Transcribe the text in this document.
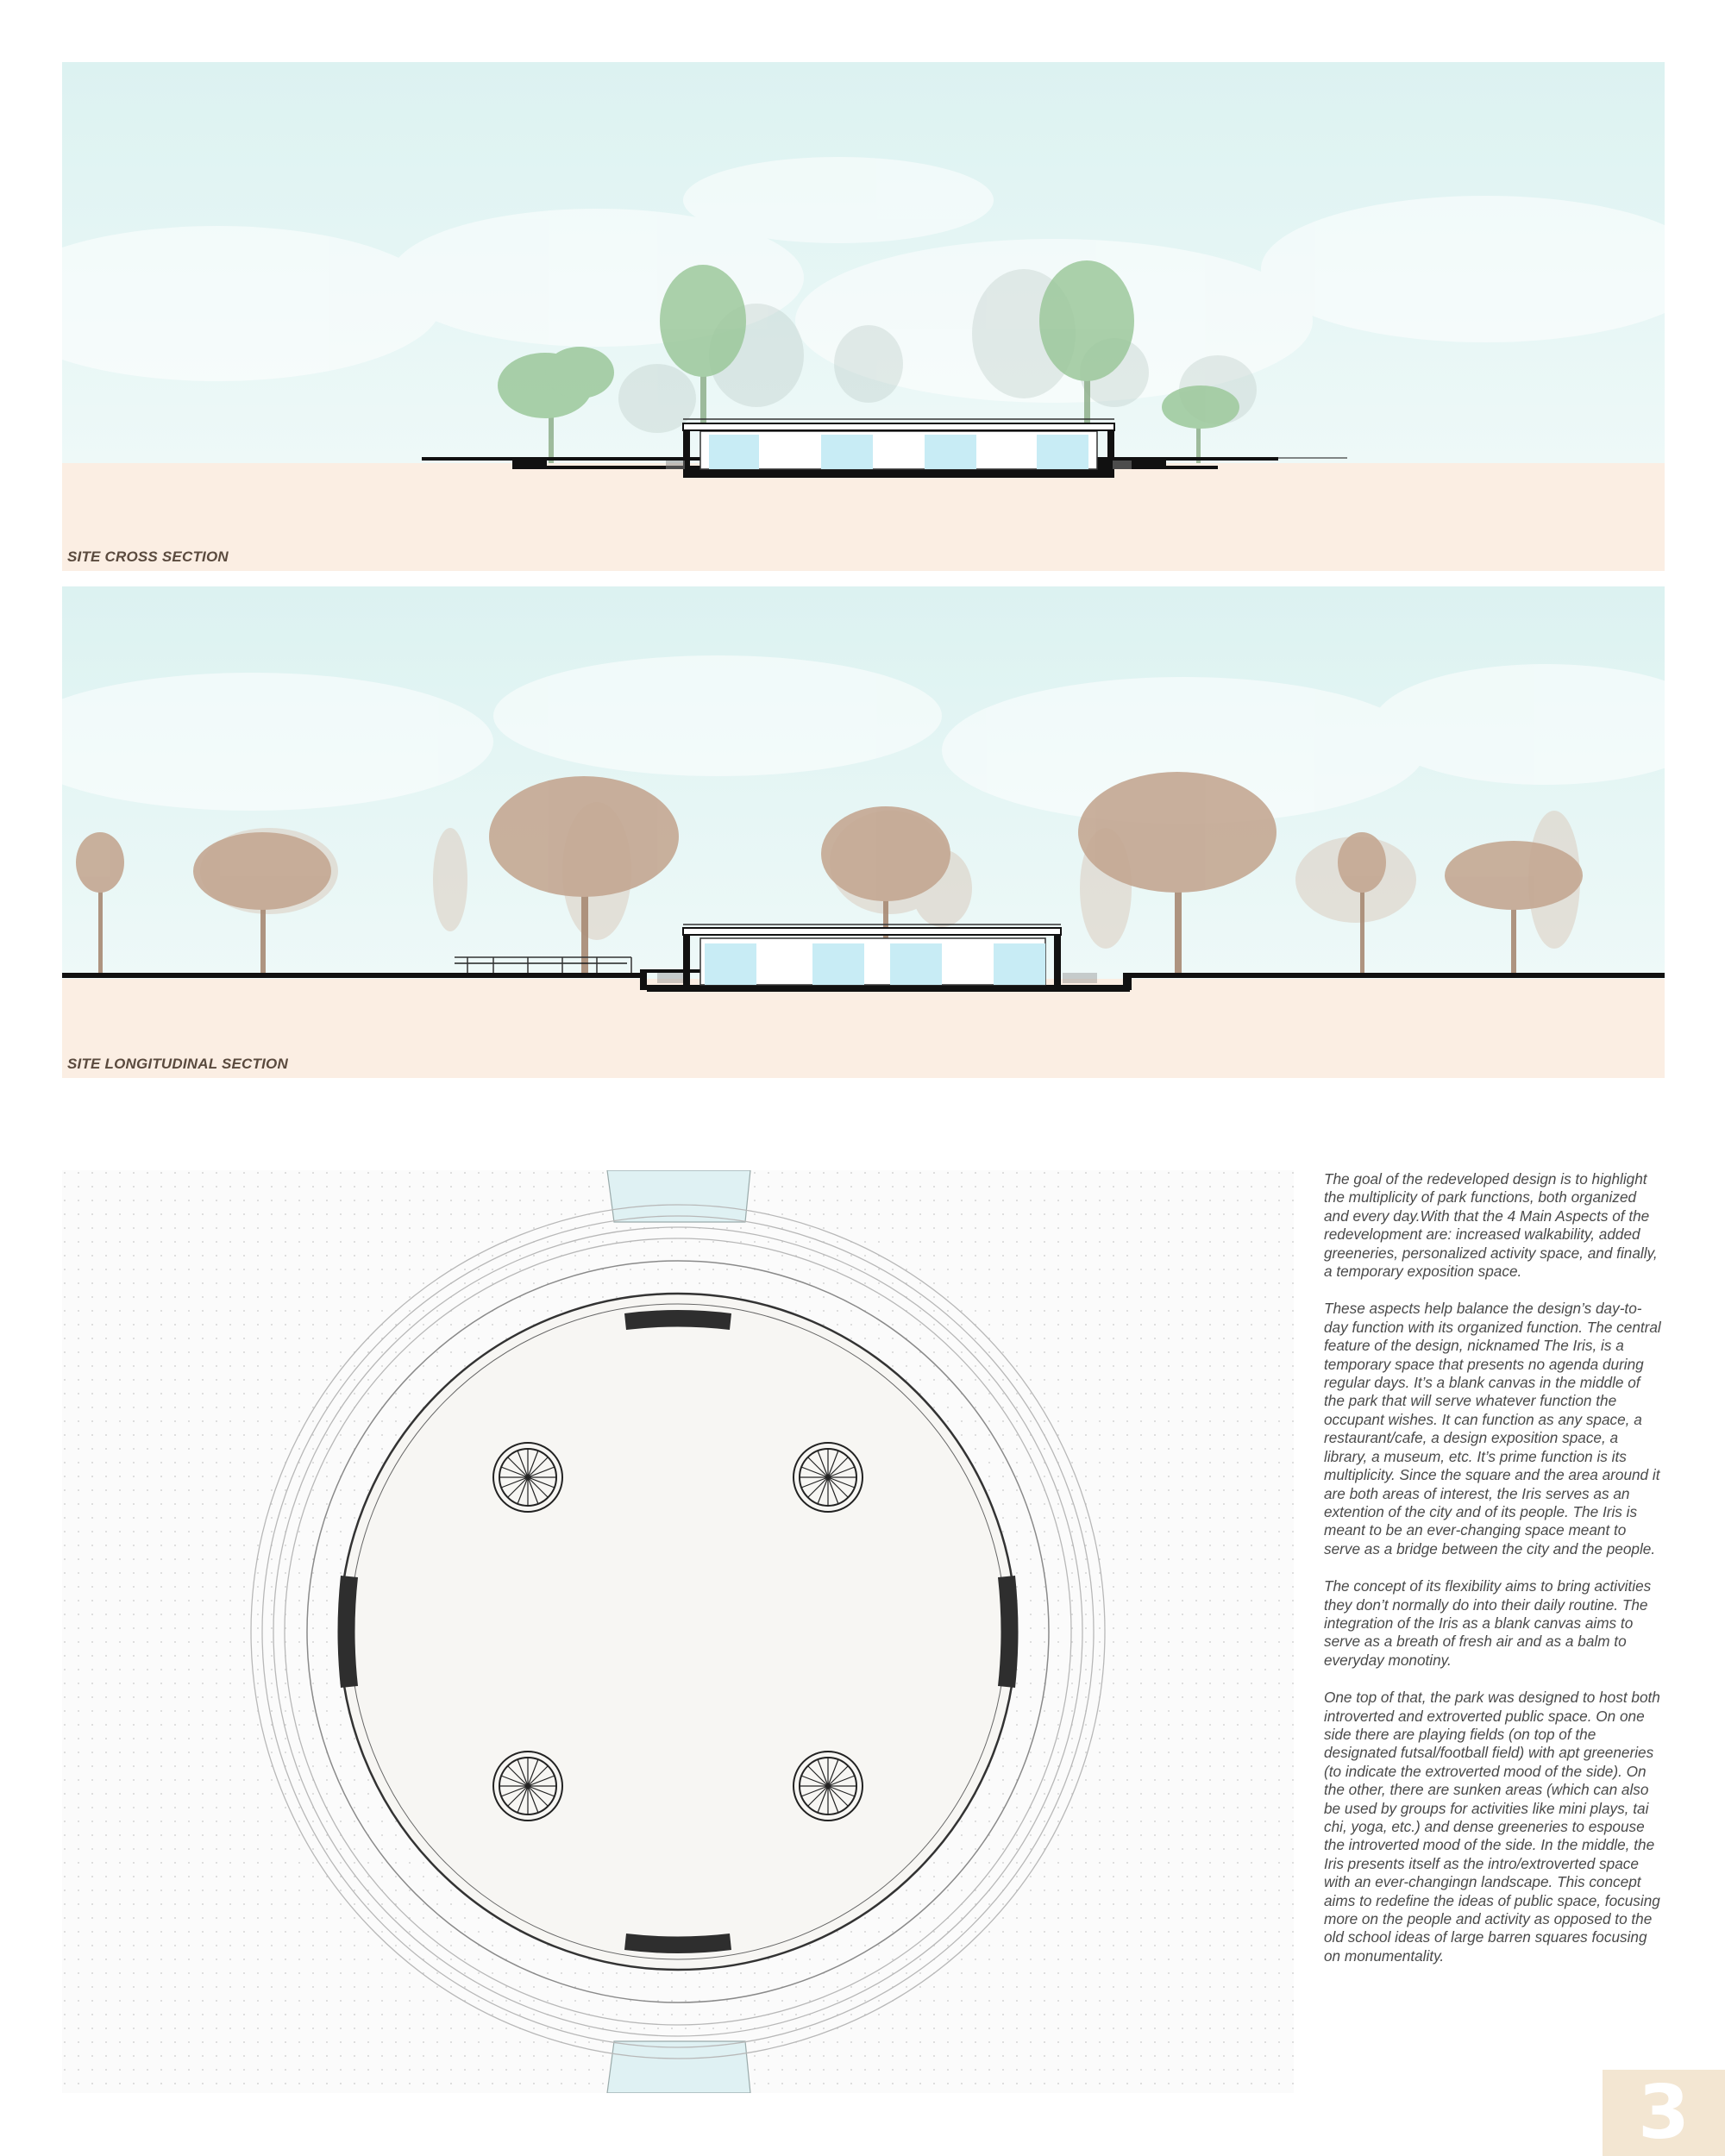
SITE CROSS SECTION
SITE LONGITUDINAL SECTION

The goal of the redeveloped design is to highlight the multiplicity of park functions, both organized and every day.With that the 4 Main Aspects of the redevelopment are: increased walkability, added greeneries, personalized activity space, and finally, a temporary exposition space.

These aspects help balance the design’s day-to-day function with its organized function. The central feature of the design, nicknamed The Iris, is a temporary space that presents no agenda during regular days. It’s a blank canvas in the middle of the park that will serve whatever function the occupant wishes. It can function as any space, a restaurant/cafe, a design exposition space, a library, a museum, etc. It’s prime function is its multiplicity. Since the square and the area around it are both areas of interest, the Iris serves as an extention of the city and of its people. The Iris is meant to be an ever-changing space meant to serve as a bridge between the city and the people.

The concept of its flexibility aims to bring activities they don’t normally do into their daily routine. The integration of the Iris as a blank canvas aims to serve as a breath of fresh air and as a balm to everyday monotiny.

One top of that, the park was designed to host both introverted and extroverted public space. On one side there are playing fields (on top of the designated futsal/football field) with apt greeneries (to indicate the extroverted mood of the side). On the other, there are sunken areas (which can also be used by groups for activities like mini plays, tai chi, yoga, etc.) and dense greeneries to espouse the introverted mood of the side. In the middle, the Iris presents itself as the intro/extroverted space with an ever-changingn landscape. This concept aims to redefine the ideas of public space, focusing more on the people and activity as opposed to the old school ideas of large barren squares focusing on monumentality.

3
